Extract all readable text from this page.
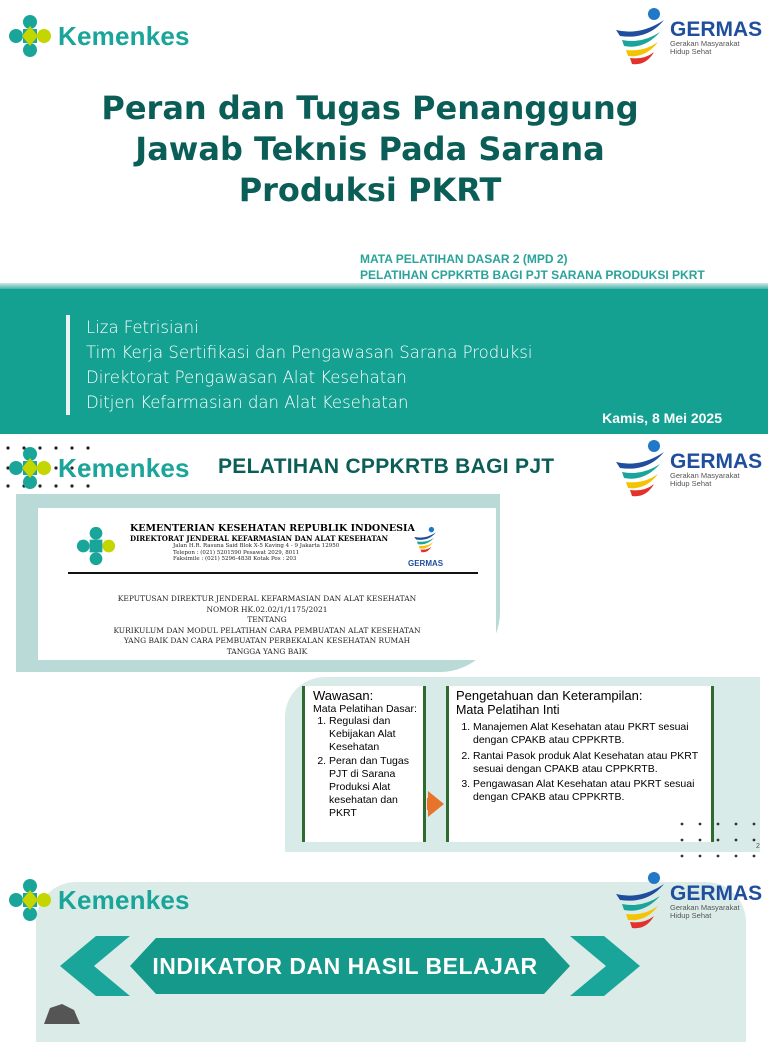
Kemenkes	GERMAS
Gerakan Masyarakat
Hidup Sehat
Peran dan Tugas Penanggung
Jawab Teknis Pada Sarana
Produksi PKRT
MATA PELATIHAN DASAR 2 (MPD 2)
PELATIHAN CPPKRTB BAGI PJT SARANA PRODUKSI PKRT
Liza Fetrisiani
Tim Kerja Sertifikasi dan Pengawasan Sarana Produksi
Direktorat Pengawasan Alat Kesehatan
Ditjen Kefarmasian dan Alat Kesehatan
Kamis, 8 Mei 2025
Kemenkes PELATIHAN CPPKRTB BAGI PJT	GERMAS
Gerakan Masyarakat
Hidup Sehat
KEMENTERIAN KESEHATAN REPUBLIK INDONESIA
DIREKTORAT JENDERAL KEFARMASIAN DAN ALAT KESEHATAN
Jalan H.R. Rasuna Said Blok X-5 Kaving 4 - 9 Jakarta 12950
Telepon : (021) 5201590 Pesawat 2029, 8011
Faksimile : (021) 5296-4838 Kotak Pos : 203	GERMAS
KEPUTUSAN DIREKTUR JENDERAL KEFARMASIAN DAN ALAT KESEHATAN
NOMOR HK.02.02/1/1175/2021
TENTANG
KURIKULUM DAN MODUL PELATIHAN CARA PEMBUATAN ALAT KESEHATAN
YANG BAIK DAN CARA PEMBUATAN PERBEKALAN KESEHATAN RUMAH
TANGGA YANG BAIK
Wawasan:
Mata Pelatihan Dasar:
1. Regulasi dan Kebijakan Alat Kesehatan
2. Peran dan Tugas PJT di Sarana Produksi Alat kesehatan dan PKRT
Pengetahuan dan Keterampilan:
Mata Pelatihan Inti
1. Manajemen Alat Kesehatan atau PKRT sesuai dengan CPAKB atau CPPKRTB.
2. Rantai Pasok produk Alat Kesehatan atau PKRT sesuai dengan CPAKB atau CPPKRTB.
3. Pengawasan Alat Kesehatan atau PKRT sesuai dengan CPAKB atau CPPKRTB.
2
Kemenkes	GERMAS
Gerakan Masyarakat
Hidup Sehat
INDIKATOR DAN HASIL BELAJAR
